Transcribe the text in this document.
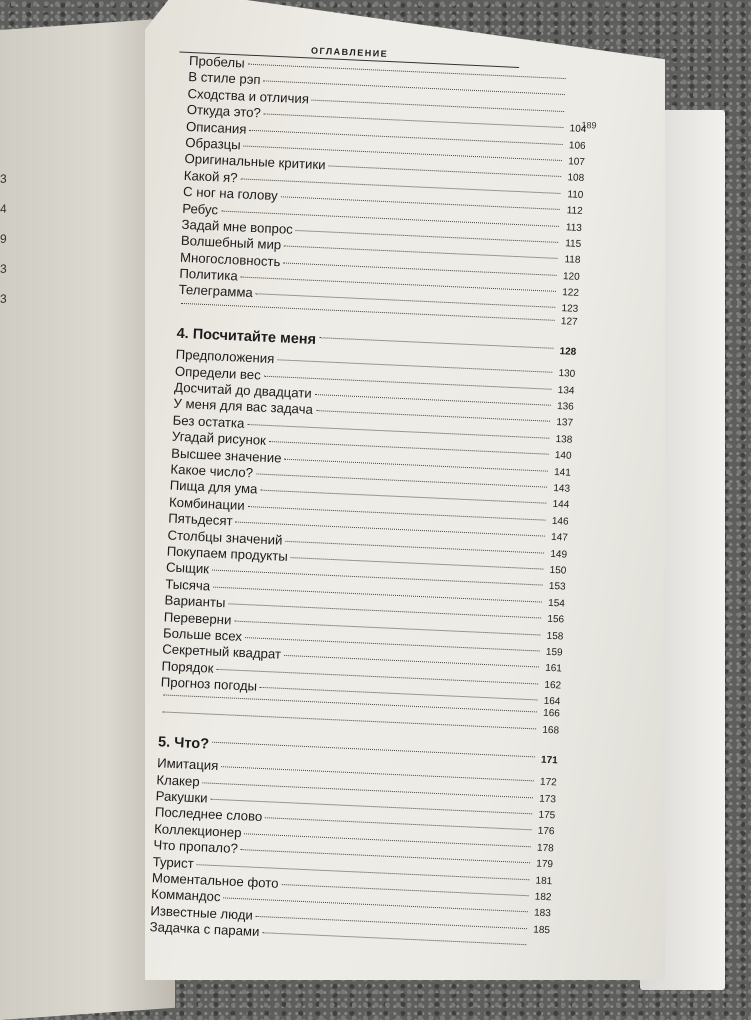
3
4
9
3
3
ОГЛАВЛЕНИЕ
189
Пробелы
В стиле рэп
Сходства и отличия
Откуда это?
104
Описания
106
Образцы
107
Оригинальные критики
108
Какой я?
110
С ног на голову
112
Ребус
113
Задай мне вопрос
115
Волшебный мир
118
Многословность
120
Политика
122
Телеграмма
123
127
4. Посчитайте меня
128
Предположения
130
Определи вес
134
Досчитай до двадцати
136
У меня для вас задача
137
Без остатка
138
Угадай рисунок
140
Высшее значение
141
Какое число?
143
Пища для ума
144
Комбинации
146
Пятьдесят
147
Столбцы значений
149
Покупаем продукты
150
Сыщик
153
Тысяча
154
Варианты
156
Переверни
158
Больше всех
159
Секретный квадрат
161
Порядок
162
Прогноз погоды
164
166
168
5. Что?
171
Имитация
172
Клакер
173
Ракушки
175
Последнее слово
176
Коллекционер
178
Что пропало?
179
Турист
181
Моментальное фото
182
Коммандос
183
Известные люди
185
Задачка с парами
